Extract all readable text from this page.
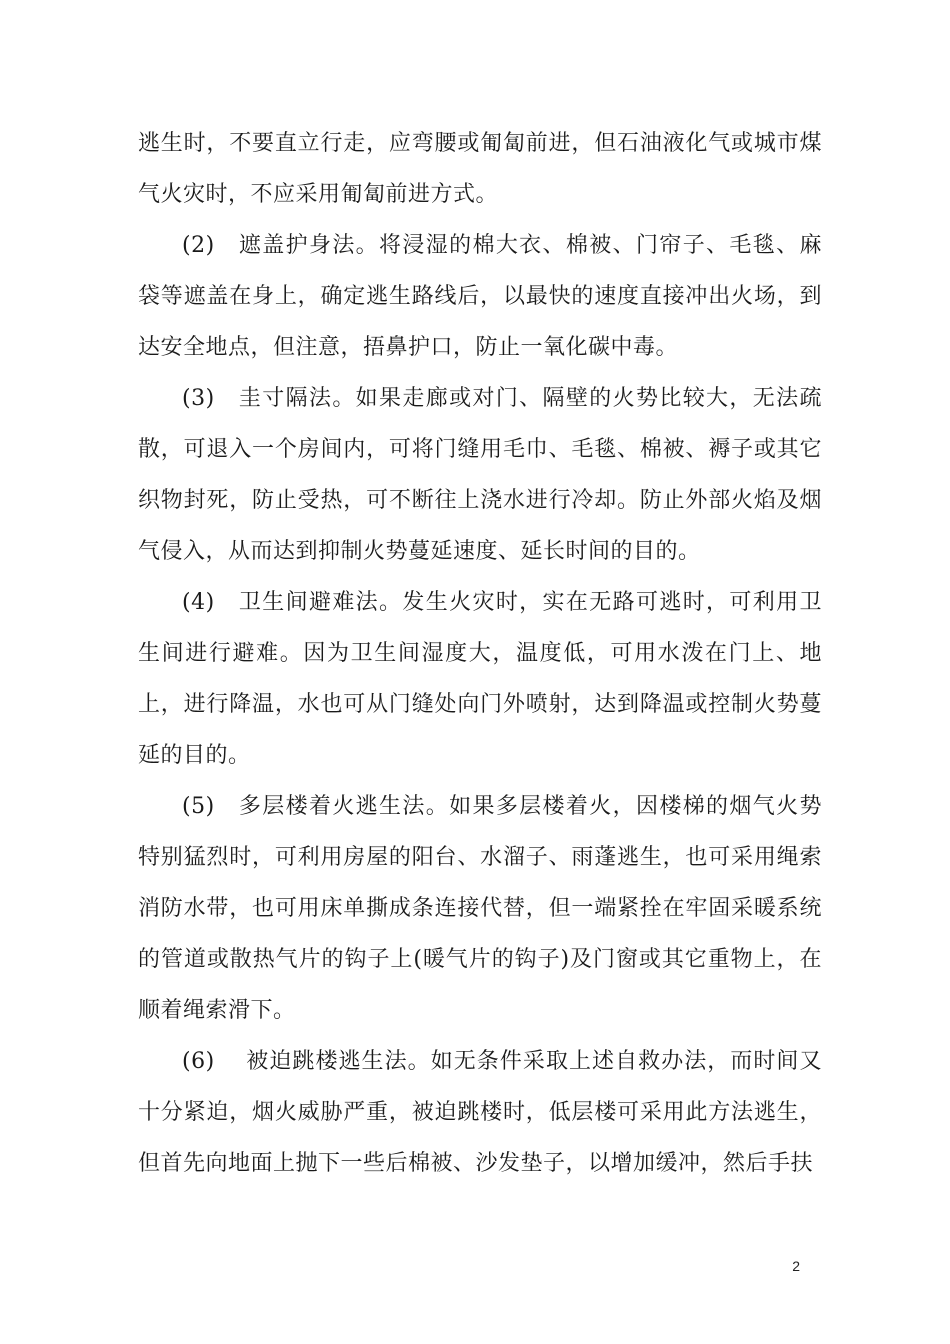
逃生时，不要直立行走，应弯腰或匍匐前进，但石油液化气或城市煤气火灾时，不应采用匍匐前进方式。

(2)　遮盖护身法。将浸湿的棉大衣、棉被、门帘子、毛毯、麻袋等遮盖在身上，确定逃生路线后，以最快的速度直接冲出火场，到达安全地点，但注意，捂鼻护口，防止一氧化碳中毒。

(3)　圭寸隔法。如果走廊或对门、隔壁的火势比较大，无法疏散，可退入一个房间内，可将门缝用毛巾、毛毯、棉被、褥子或其它织物封死，防止受热，可不断往上浇水进行冷却。防止外部火焰及烟气侵入，从而达到抑制火势蔓延速度、延长时间的目的。

(4)　卫生间避难法。发生火灾时，实在无路可逃时，可利用卫生间进行避难。因为卫生间湿度大，温度低，可用水泼在门上、地上，进行降温，水也可从门缝处向门外喷射，达到降温或控制火势蔓延的目的。

(5)　多层楼着火逃生法。如果多层楼着火，因楼梯的烟气火势特别猛烈时，可利用房屋的阳台、水溜子、雨蓬逃生，也可采用绳索消防水带，也可用床单撕成条连接代替，但一端紧拴在牢固采暖系统的管道或散热气片的钩子上(暖气片的钩子)及门窗或其它重物上，在顺着绳索滑下。

(6)　 被迫跳楼逃生法。如无条件采取上述自救办法，而时间又十分紧迫，烟火威胁严重，被迫跳楼时，低层楼可采用此方法逃生，但首先向地面上抛下一些后棉被、沙发垫子，以增加缓冲，然后手扶

2
